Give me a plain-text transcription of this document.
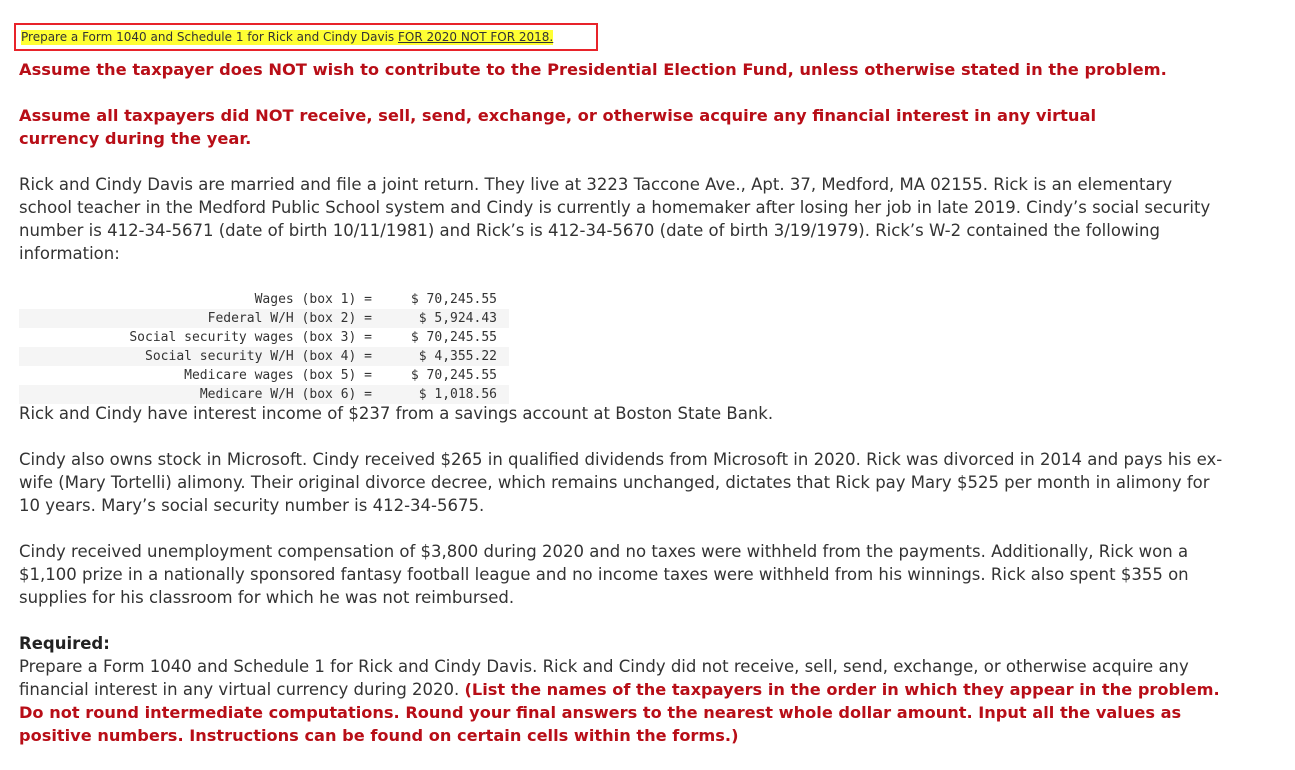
Prepare a Form 1040 and Schedule 1 for Rick and Cindy Davis FOR 2020 NOT FOR 2018.

Assume the taxpayer does NOT wish to contribute to the Presidential Election Fund, unless otherwise stated in the problem.

Assume all taxpayers did NOT receive, sell, send, exchange, or otherwise acquire any financial interest in any virtual currency during the year.

Rick and Cindy Davis are married and file a joint return. They live at 3223 Taccone Ave., Apt. 37, Medford, MA 02155. Rick is an elementary school teacher in the Medford Public School system and Cindy is currently a homemaker after losing her job in late 2019. Cindy’s social security number is 412-34-5671 (date of birth 10/11/1981) and Rick’s is 412-34-5670 (date of birth 3/19/1979). Rick’s W-2 contained the following information:

Wages (box 1) =	$ 70,245.55
Federal W/H (box 2) =	$ 5,924.43
Social security wages (box 3) =	$ 70,245.55
Social security W/H (box 4) =	$ 4,355.22
Medicare wages (box 5) =	$ 70,245.55
Medicare W/H (box 6) =	$ 1,018.56

Rick and Cindy have interest income of $237 from a savings account at Boston State Bank.

Cindy also owns stock in Microsoft. Cindy received $265 in qualified dividends from Microsoft in 2020. Rick was divorced in 2014 and pays his ex-wife (Mary Tortelli) alimony. Their original divorce decree, which remains unchanged, dictates that Rick pay Mary $525 per month in alimony for 10 years. Mary’s social security number is 412-34-5675.

Cindy received unemployment compensation of $3,800 during 2020 and no taxes were withheld from the payments. Additionally, Rick won a $1,100 prize in a nationally sponsored fantasy football league and no income taxes were withheld from his winnings. Rick also spent $355 on supplies for his classroom for which he was not reimbursed.

Required:
Prepare a Form 1040 and Schedule 1 for Rick and Cindy Davis. Rick and Cindy did not receive, sell, send, exchange, or otherwise acquire any financial interest in any virtual currency during 2020. (List the names of the taxpayers in the order in which they appear in the problem. Do not round intermediate computations. Round your final answers to the nearest whole dollar amount. Input all the values as positive numbers. Instructions can be found on certain cells within the forms.)
